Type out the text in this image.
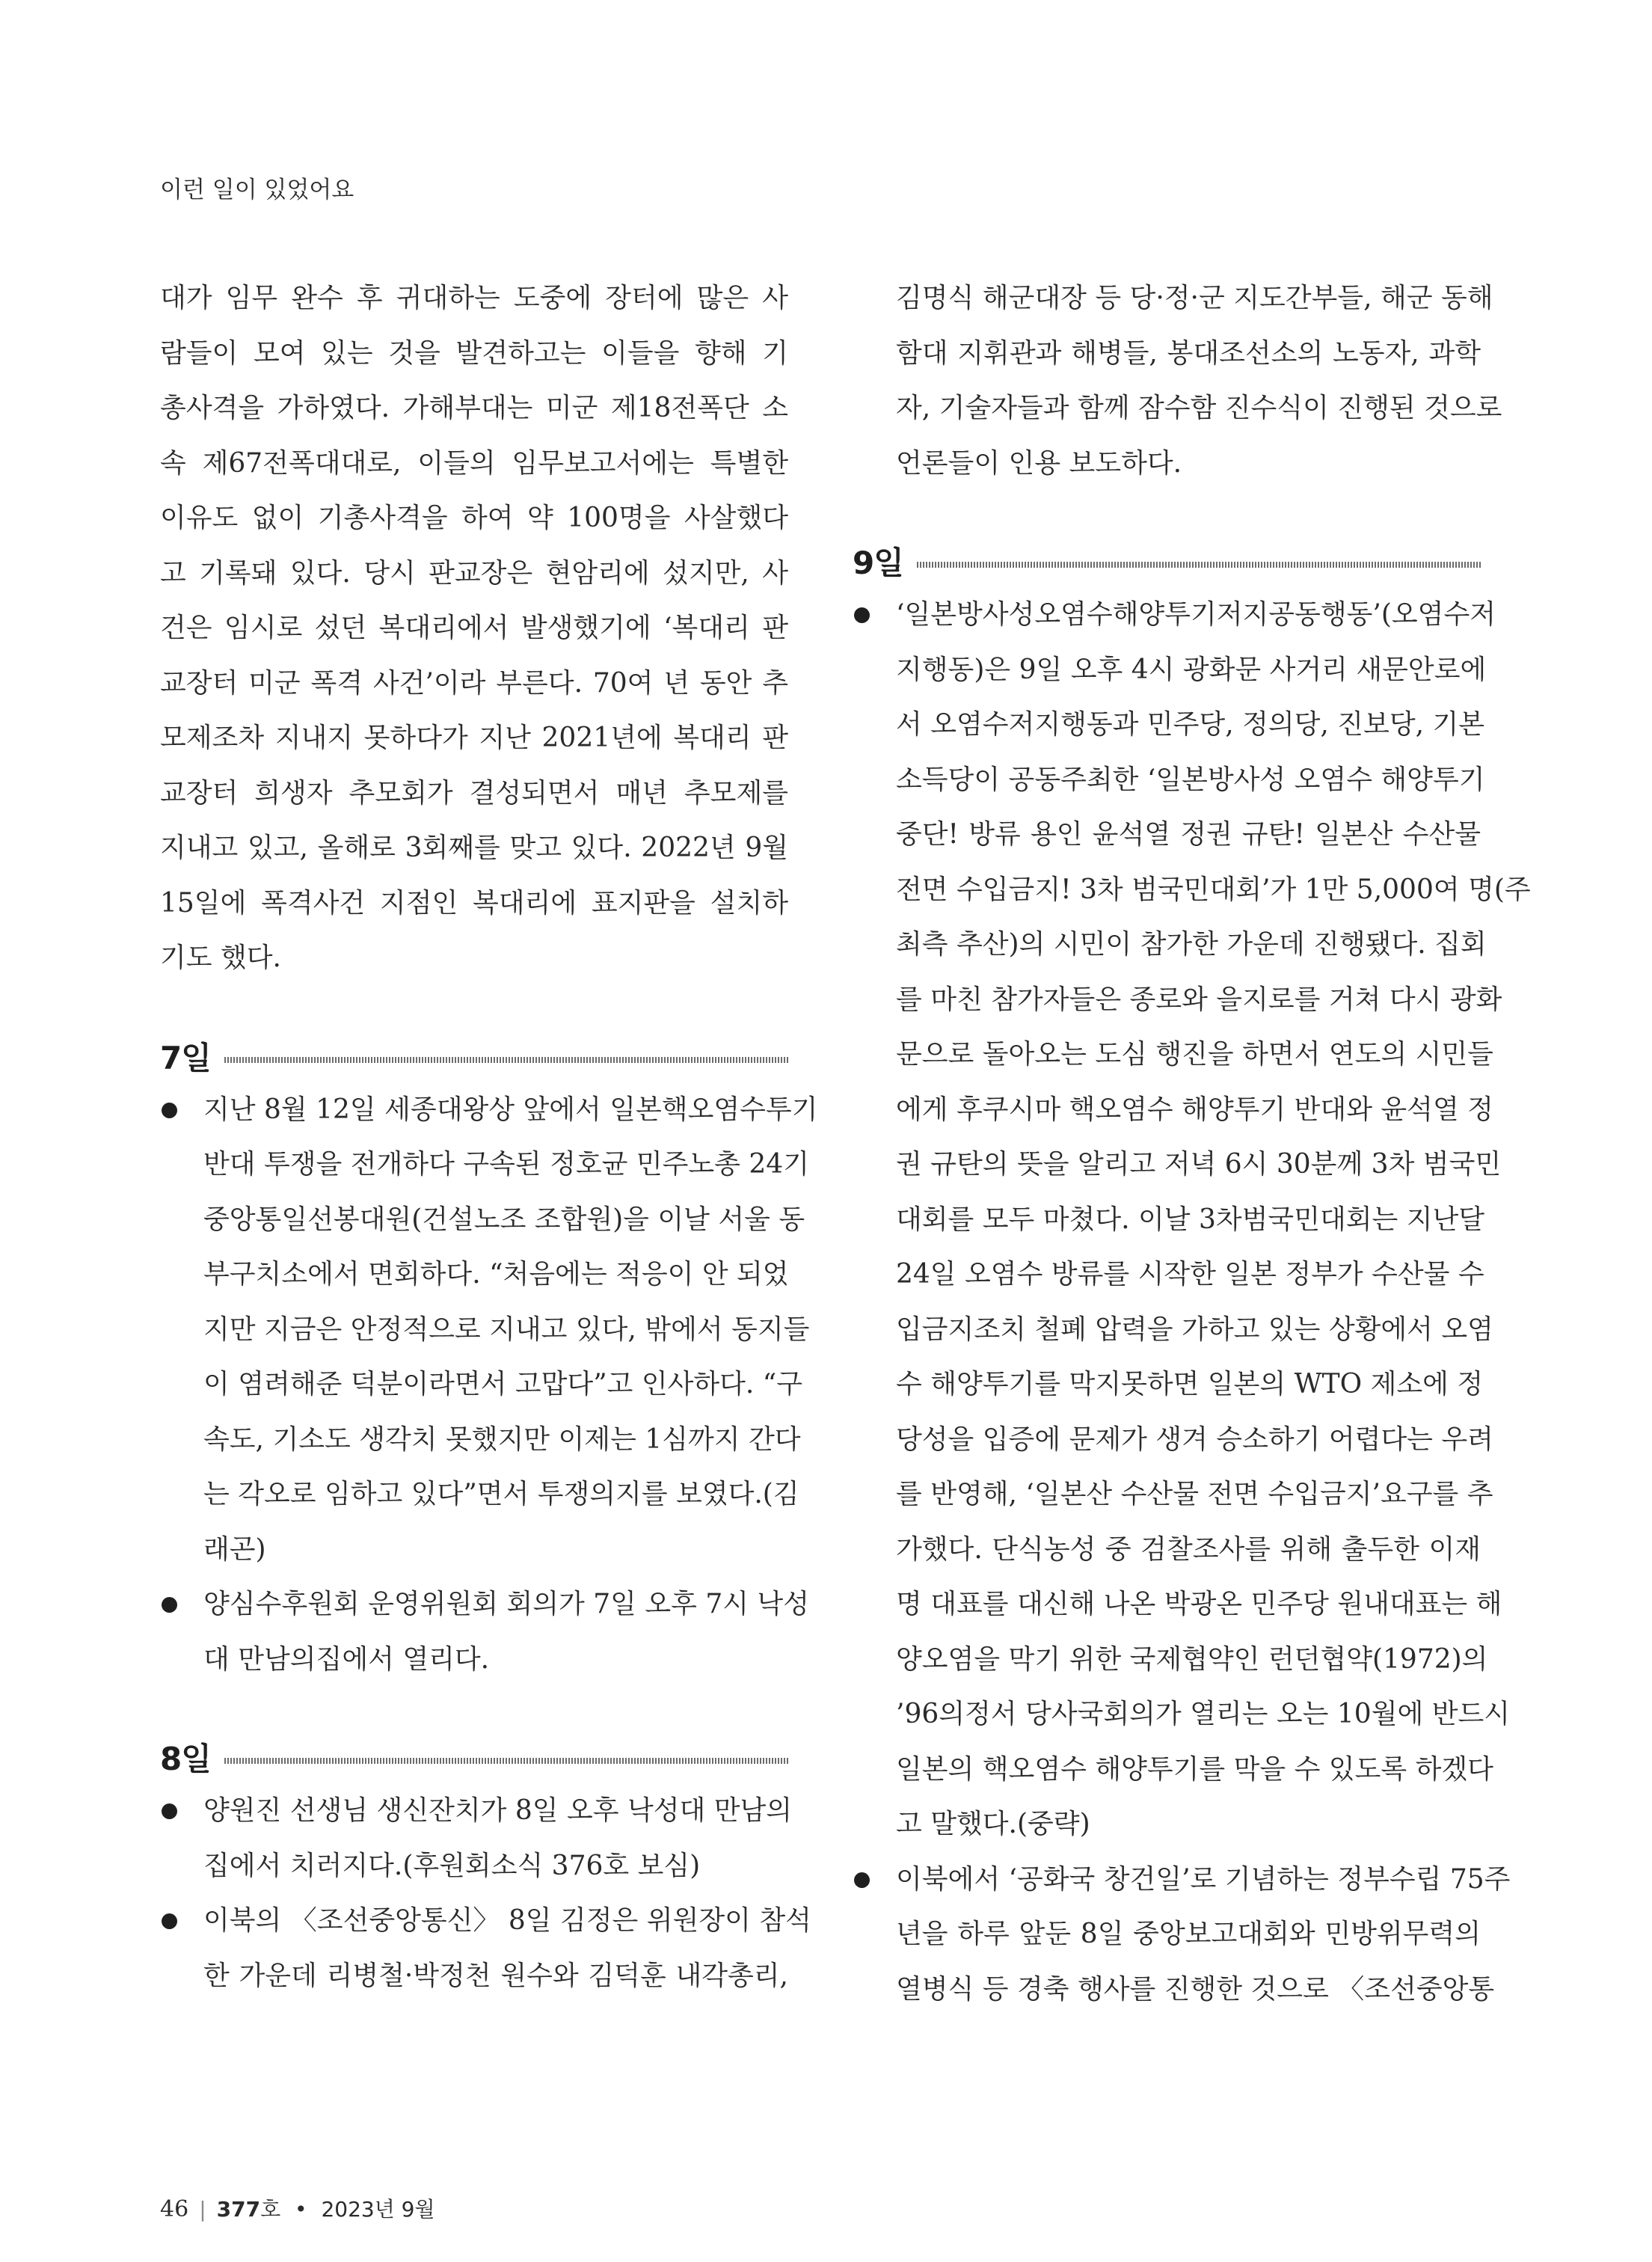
이런 일이 있었어요

대가 임무 완수 후 귀대하는 도중에 장터에 많은 사

람들이 모여 있는 것을 발견하고는 이들을 향해 기

총사격을 가하였다. 가해부대는 미군 제18전폭단 소

속 제67전폭대대로, 이들의 임무보고서에는 특별한

이유도 없이 기총사격을 하여 약 100명을 사살했다

고 기록돼 있다. 당시 판교장은 현암리에 섰지만, 사

건은 임시로 섰던 복대리에서 발생했기에 ‘복대리 판

교장터 미군 폭격 사건’이라 부른다. 70여 년 동안 추

모제조차 지내지 못하다가 지난 2021년에 복대리 판

교장터 희생자 추모회가 결성되면서 매년 추모제를

지내고 있고, 올해로 3회째를 맞고 있다. 2022년 9월

15일에 폭격사건 지점인 복대리에 표지판을 설치하

기도 했다.

7일

지난 8월 12일 세종대왕상 앞에서 일본핵오염수투기

반대 투쟁을 전개하다 구속된 정호균 민주노총 24기

중앙통일선봉대원(건설노조 조합원)을 이날 서울 동

부구치소에서 면회하다. “처음에는 적응이 안 되었

지만 지금은 안정적으로 지내고 있다, 밖에서 동지들

이 염려해준 덕분이라면서 고맙다”고 인사하다. “구

속도, 기소도 생각치 못했지만 이제는 1심까지 간다

는 각오로 임하고 있다”면서 투쟁의지를 보였다.(김

래곤)

양심수후원회 운영위원회 회의가 7일 오후 7시 낙성

대 만남의집에서 열리다.

8일

양원진 선생님 생신잔치가 8일 오후 낙성대 만남의

집에서 치러지다.(후원회소식 376호 보심)

이북의 〈조선중앙통신〉 8일 김정은 위원장이 참석

한 가운데 리병철·박정천 원수와 김덕훈 내각총리,

김명식 해군대장 등 당·정·군 지도간부들, 해군 동해

함대 지휘관과 해병들, 봉대조선소의 노동자, 과학

자, 기술자들과 함께 잠수함 진수식이 진행된 것으로

언론들이 인용 보도하다.

9일

‘일본방사성오염수해양투기저지공동행동’(오염수저

지행동)은 9일 오후 4시 광화문 사거리 새문안로에

서 오염수저지행동과 민주당, 정의당, 진보당, 기본

소득당이 공동주최한 ‘일본방사성 오염수 해양투기

중단! 방류 용인 윤석열 정권 규탄! 일본산 수산물

전면 수입금지! 3차 범국민대회’가 1만 5,000여 명(주

최측 추산)의 시민이 참가한 가운데 진행됐다. 집회

를 마친 참가자들은 종로와 을지로를 거쳐 다시 광화

문으로 돌아오는 도심 행진을 하면서 연도의 시민들

에게 후쿠시마 핵오염수 해양투기 반대와 윤석열 정

권 규탄의 뜻을 알리고 저녁 6시 30분께 3차 범국민

대회를 모두 마쳤다. 이날 3차범국민대회는 지난달

24일 오염수 방류를 시작한 일본 정부가 수산물 수

입금지조치 철폐 압력을 가하고 있는 상황에서 오염

수 해양투기를 막지못하면 일본의 WTO 제소에 정

당성을 입증에 문제가 생겨 승소하기 어렵다는 우려

를 반영해, ‘일본산 수산물 전면 수입금지’요구를 추

가했다. 단식농성 중 검찰조사를 위해 출두한 이재

명 대표를 대신해 나온 박광온 민주당 원내대표는 해

양오염을 막기 위한 국제협약인 런던협약(1972)의

’96의정서 당사국회의가 열리는 오는 10월에 반드시

일본의 핵오염수 해양투기를 막을 수 있도록 하겠다

고 말했다.(중략)

이북에서 ‘공화국 창건일’로 기념하는 정부수립 75주

년을 하루 앞둔 8일 중앙보고대회와 민방위무력의

열병식 등 경축 행사를 진행한 것으로 〈조선중앙통

46 | 377호 • 2023년 9월
